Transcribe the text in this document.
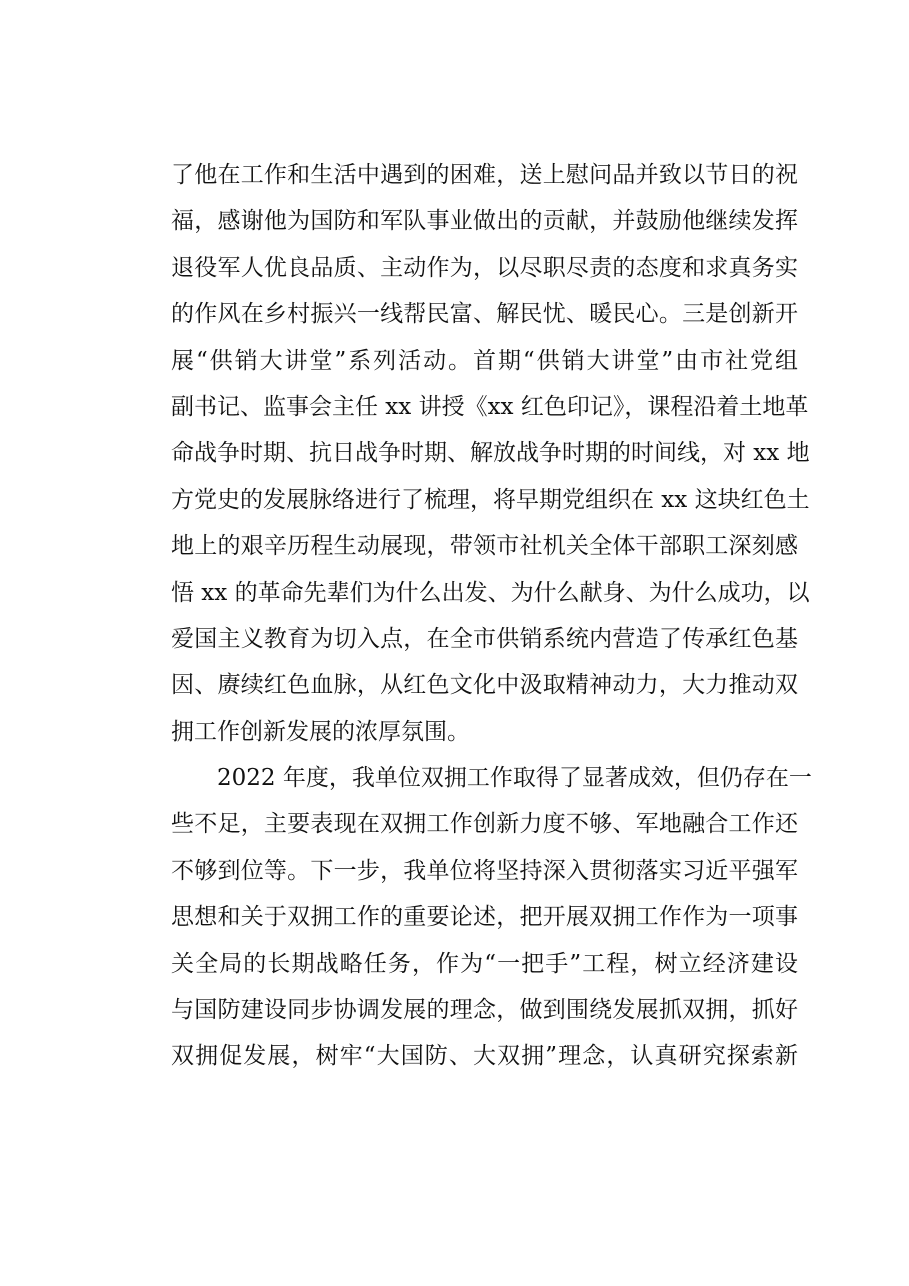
了他在工作和生活中遇到的困难，送上慰问品并致以节日的祝
福，感谢他为国防和军队事业做出的贡献，并鼓励他继续发挥
退役军人优良品质、主动作为，以尽职尽责的态度和求真务实
的作风在乡村振兴一线帮民富、解民忧、暖民心。三是创新开
展“供销大讲堂”系列活动。首期“供销大讲堂”由市社党组
副书记、监事会主任 xx 讲授《xx 红色印记》，课程沿着土地革
命战争时期、抗日战争时期、解放战争时期的时间线，对 xx 地
方党史的发展脉络进行了梳理，将早期党组织在 xx 这块红色土
地上的艰辛历程生动展现，带领市社机关全体干部职工深刻感
悟 xx 的革命先辈们为什么出发、为什么献身、为什么成功，以
爱国主义教育为切入点，在全市供销系统内营造了传承红色基
因、赓续红色血脉，从红色文化中汲取精神动力，大力推动双
拥工作创新发展的浓厚氛围。
2022 年度，我单位双拥工作取得了显著成效，但仍存在一
些不足，主要表现在双拥工作创新力度不够、军地融合工作还
不够到位等。下一步，我单位将坚持深入贯彻落实习近平强军
思想和关于双拥工作的重要论述，把开展双拥工作作为一项事
关全局的长期战略任务，作为“一把手”工程，树立经济建设
与国防建设同步协调发展的理念，做到围绕发展抓双拥，抓好
双拥促发展，树牢“大国防、大双拥”理念，认真研究探索新
